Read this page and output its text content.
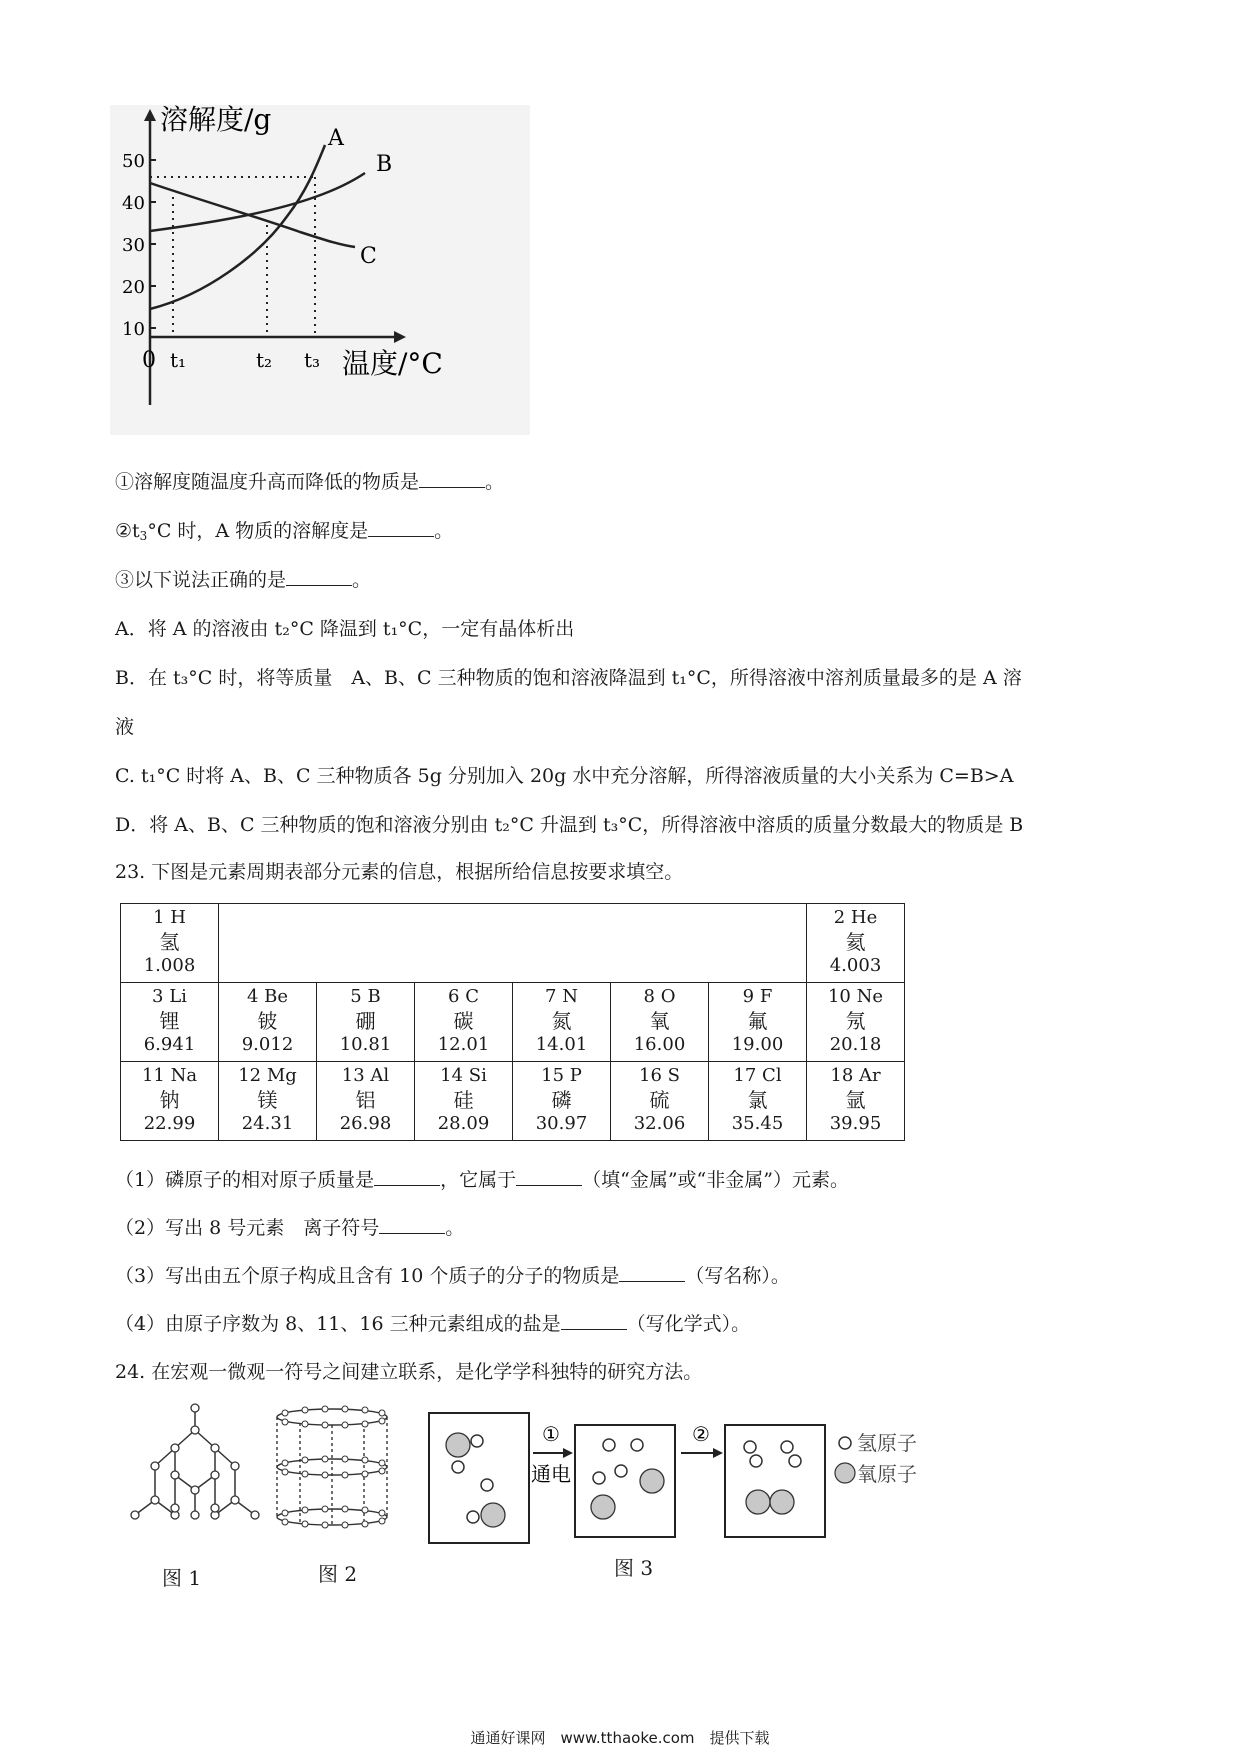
溶解度/g
温度/°C
50
40
30
20
10
0 t₁	t₂ t₃
A
B
C
①溶解度随温度升高而降低的物质是	。
②t3°C 时，A 物质的溶解度是	。
③以下说法正确的是	。
A．将 A 的溶液由 t₂°C 降温到 t₁°C，一定有晶体析出
B．在 t₃°C 时，将等质量　A、B、C 三种物质的饱和溶液降温到 t₁°C，所得溶液中溶剂质量最多的是 A 溶
液
C. t₁°C 时将 A、B、C 三种物质各 5g 分别加入 20g 水中充分溶解，所得溶液质量的大小关系为 C=B>A
D．将 A、B、C 三种物质的饱和溶液分别由 t₂°C 升温到 t₃°C，所得溶液中溶质的质量分数最大的物质是 B
23. 下图是元素周期表部分元素的信息，根据所给信息按要求填空。
1 H
氢
1.008							2 He
氦
4.003

3 Li
锂
6.941	4 Be
铍
9.012	5 B
硼
10.81	6 C
碳
12.01	7 N
氮
14.01	8 O
氧
16.00	9 F
氟
19.00	10 Ne
氖
20.18

11 Na
钠
22.99	12 Mg
镁
24.31	13 Al
铝
26.98	14 Si
硅
28.09	15 P
磷
30.97	16 S
硫
32.06	17 Cl
氯
35.45	18 Ar
氩
39.95
（1）磷原子的相对原子质量是	，它属于	（填“金属”或“非金属”）元素。
（2）写出 8 号元素　离子符号	。
（3）写出由五个原子构成且含有 10 个质子的分子的物质是	（写名称）。
（4）由原子序数为 8、11、16 三种元素组成的盐是	（写化学式）。
24. 在宏观一微观一符号之间建立联系，是化学学科独特的研究方法。
图 1	图 2
①
通电
②	氢原子
氧原子
图 3
通通好课网　www.tthaoke.com　提供下载
